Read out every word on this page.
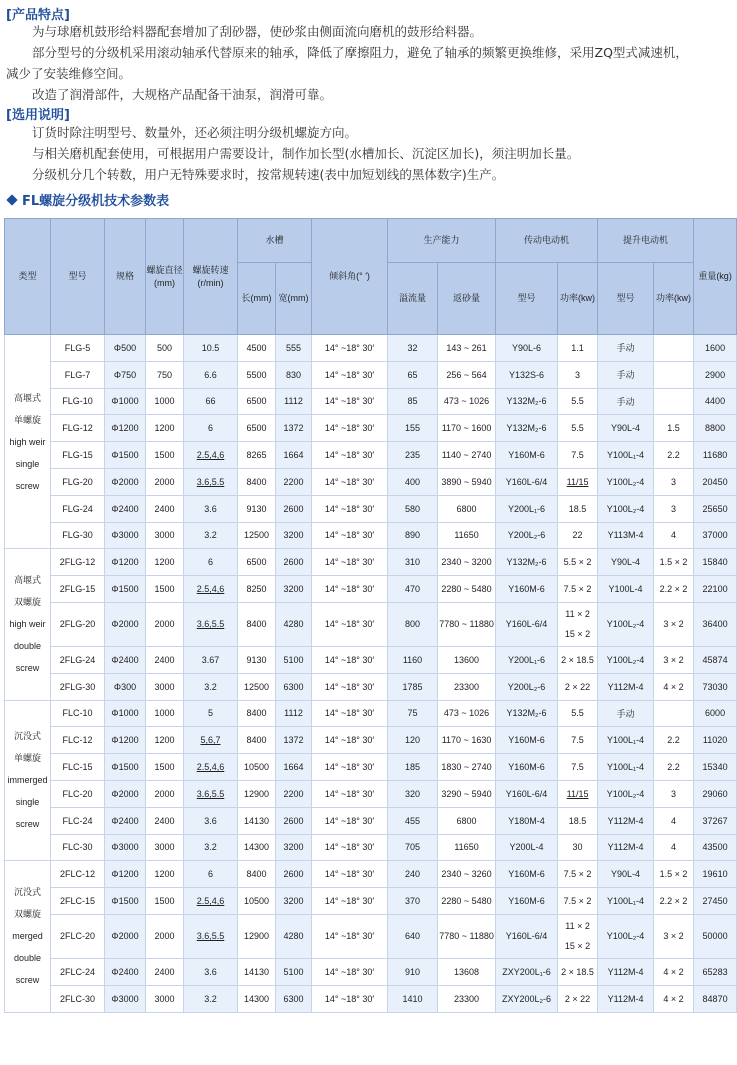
[产品特点]

为与球磨机鼓形给料器配套增加了刮砂器，使砂浆由侧面流向磨机的鼓形给料器。

部分型号的分级机采用滚动轴承代替原来的轴承，降低了摩擦阻力，避免了轴承的频繁更换维修，采用ZQ型式减速机，减少了安装维修空间。

改造了润滑部件，大规格产品配备干油泵，润滑可靠。

[选用说明]

订货时除注明型号、数量外，还必须注明分级机螺旋方向。

与相关磨机配套使用，可根据用户需要设计，制作加长型(水槽加长、沉淀区加长)，须注明加长量。

分级机分几个转数，用户无特殊要求时，按常规转速(表中加短划线的黑体数字)生产。

FL螺旋分级机技术参数表
类型	型号	规格	螺旋直径(mm)	螺旋转速(r/min)	水槽		倾斜角(° ′)	生产能力		传动电动机		提升电动机		重量(kg)
					长(mm)	宽(mm)		溢流量	返砂量	型号	功率(kw)	型号	功率(kw)	

高堰式
单螺旋
high weir
single
screw	FLG-5	Φ500	500	10.5	4500	555	14° ~18° 30′	32	143 ~ 261	Y90L-6	1.1	手动		1600
	FLG-7	Φ750	750	6.6	5500	830	14° ~18° 30′	65	256 ~ 564	Y132S-6	3	手动		2900
	FLG-10	Φ1000	1000	66	6500	1112	14° ~18° 30′	85	473 ~ 1026	Y132M₂-6	5.5	手动		4400
	FLG-12	Φ1200	1200	6	6500	1372	14° ~18° 30′	155	1170 ~ 1600	Y132M₂-6	5.5	Y90L-4	1.5	8800
	FLG-15	Φ1500	1500	2.5,4,6	8265	1664	14° ~18° 30′	235	1140 ~ 2740	Y160M-6	7.5	Y100L₁-4	2.2	11680
	FLG-20	Φ2000	2000	3.6,5.5	8400	2200	14° ~18° 30′	400	3890 ~ 5940	Y160L-6/4	11/15	Y100L₂-4	3	20450
	FLG-24	Φ2400	2400	3.6	9130	2600	14° ~18° 30′	580	6800	Y200L₁-6	18.5	Y100L₂-4	3	25650
	FLG-30	Φ3000	3000	3.2	12500	3200	14° ~18° 30′	890	11650	Y200L₂-6	22	Y113M-4	4	37000

高堰式
双螺旋
high weir
double
screw	2FLG-12	Φ1200	1200	6	6500	2600	14° ~18° 30′	310	2340 ~ 3200	Y132M₂-6	5.5 × 2	Y90L-4	1.5 × 2	15840
	2FLG-15	Φ1500	1500	2.5,4,6	8250	3200	14° ~18° 30′	470	2280 ~ 5480	Y160M-6	7.5 × 2	Y100L-4	2.2 × 2	22100
	2FLG-20	Φ2000	2000	3.6,5.5	8400	4280	14° ~18° 30′	800	7780 ~ 11880	Y160L-6/4	11 × 2
15 × 2	Y100L₂-4	3 × 2	36400
	2FLG-24	Φ2400	2400	3.67	9130	5100	14° ~18° 30′	1160	13600	Y200L₁-6	2 × 18.5	Y100L₂-4	3 × 2	45874
	2FLG-30	Φ300	3000	3.2	12500	6300	14° ~18° 30′	1785	23300	Y200L₂-6	2 × 22	Y112M-4	4 × 2	73030

沉没式
单螺旋
immerged
single
screw	FLC-10	Φ1000	1000	5	8400	1112	14° ~18° 30′	75	473 ~ 1026	Y132M₂-6	5.5	手动		6000
	FLC-12	Φ1200	1200	5,6,7	8400	1372	14° ~18° 30′	120	1170 ~ 1630	Y160M-6	7.5	Y100L₁-4	2.2	11020
	FLC-15	Φ1500	1500	2.5,4,6	10500	1664	14° ~18° 30′	185	1830 ~ 2740	Y160M-6	7.5	Y100L₁-4	2.2	15340
	FLC-20	Φ2000	2000	3.6,5.5	12900	2200	14° ~18° 30′	320	3290 ~ 5940	Y160L-6/4	11/15	Y100L₂-4	3	29060
	FLC-24	Φ2400	2400	3.6	14130	2600	14° ~18° 30′	455	6800	Y180M-4	18.5	Y112M-4	4	37267
	FLC-30	Φ3000	3000	3.2	14300	3200	14° ~18° 30′	705	11650	Y200L-4	30	Y112M-4	4	43500

沉没式
双螺旋
merged
double
screw	2FLC-12	Φ1200	1200	6	8400	2600	14° ~18° 30′	240	2340 ~ 3260	Y160M-6	7.5 × 2	Y90L-4	1.5 × 2	19610
	2FLC-15	Φ1500	1500	2.5,4,6	10500	3200	14° ~18° 30′	370	2280 ~ 5480	Y160M-6	7.5 × 2	Y100L₁-4	2.2 × 2	27450
	2FLC-20	Φ2000	2000	3.6,5.5	12900	4280	14° ~18° 30′	640	7780 ~ 11880	Y160L-6/4	11 × 2
15 × 2	Y100L₂-4	3 × 2	50000
	2FLC-24	Φ2400	2400	3.6	14130	5100	14° ~18° 30′	910	13608	ZXY200L₁-6	2 × 18.5	Y112M-4	4 × 2	65283
	2FLC-30	Φ3000	3000	3.2	14300	6300	14° ~18° 30′	1410	23300	ZXY200L₂-6	2 × 22	Y112M-4	4 × 2	84870
